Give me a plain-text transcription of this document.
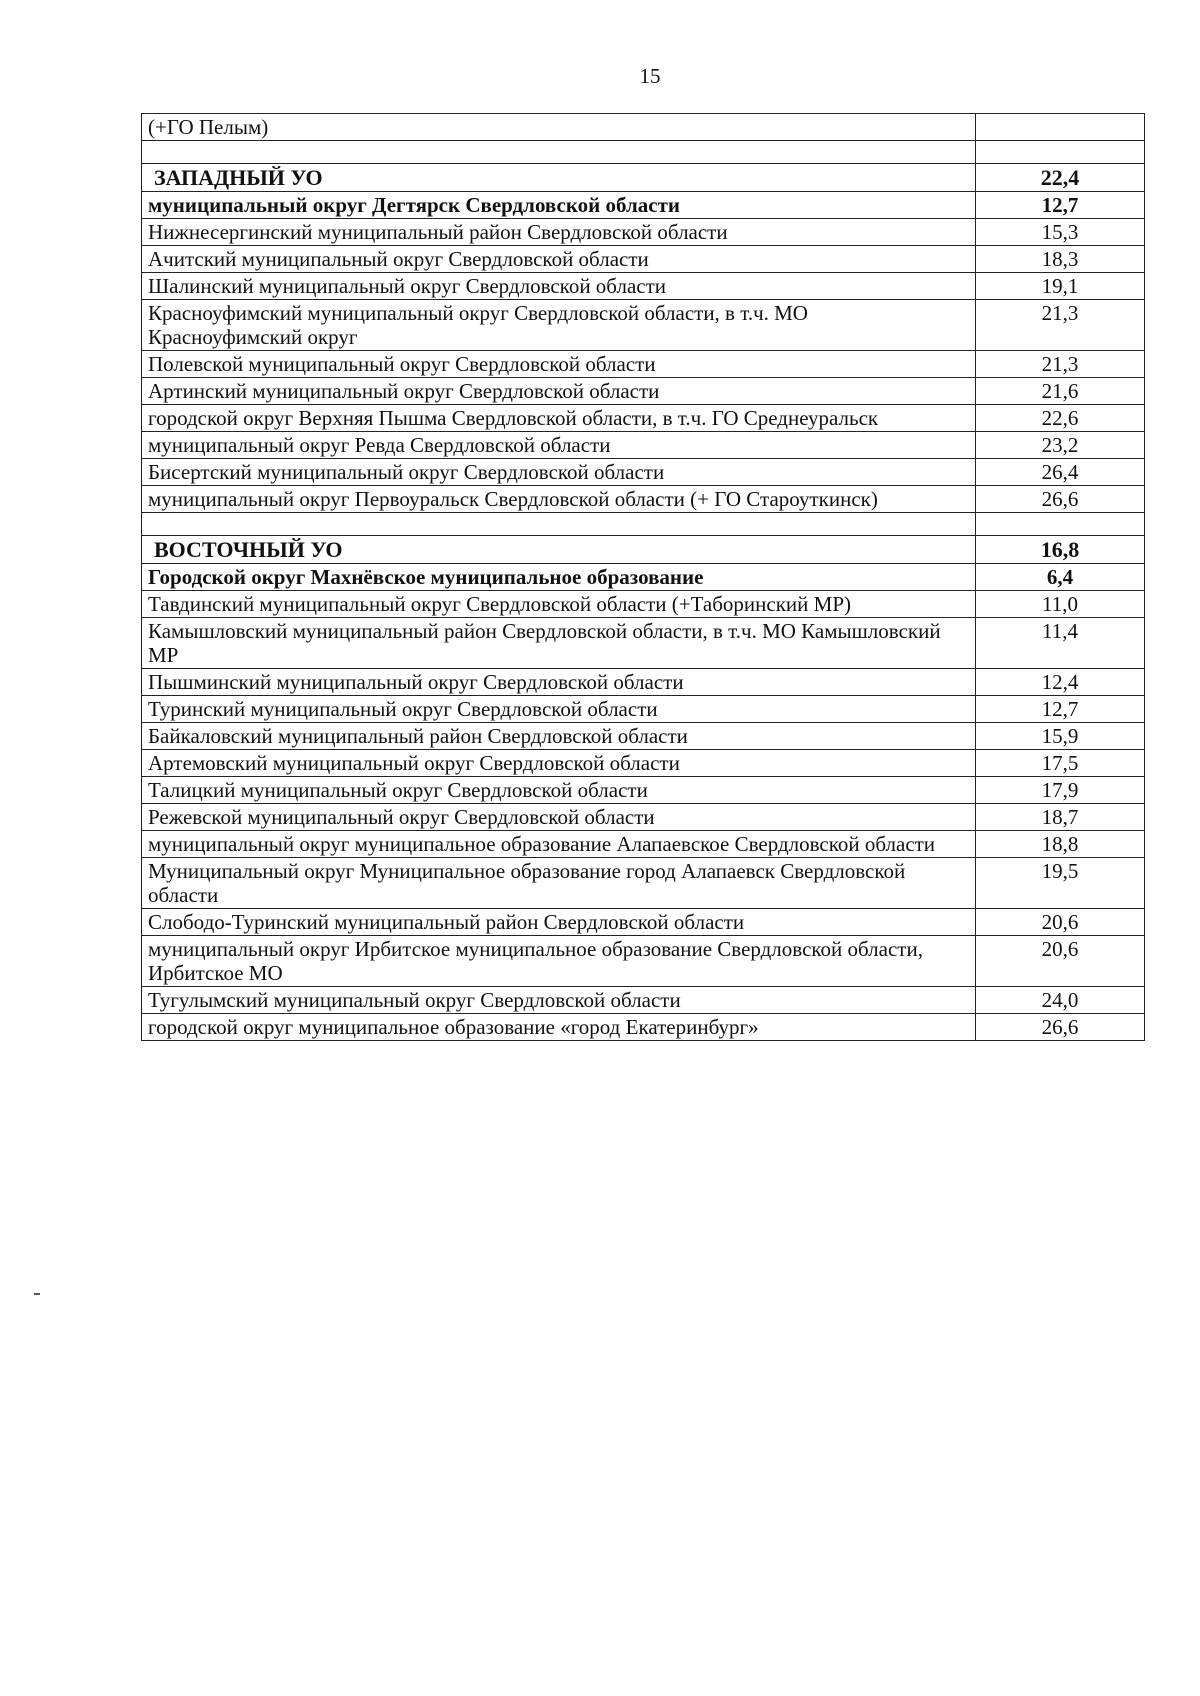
15
(+ГО Пелым)	

ЗАПАДНЫЙ УО	22,4
муниципальный округ Дегтярск Свердловской области	12,7
Нижнесергинский муниципальный район Свердловской области	15,3
Ачитский муниципальный округ Свердловской области	18,3
Шалинский муниципальный округ Свердловской области	19,1
Красноуфимский муниципальный округ Свердловской области, в т.ч. МО Красноуфимский округ	21,3
Полевской муниципальный округ Свердловской области	21,3
Артинский муниципальный округ Свердловской области	21,6
городской округ Верхняя Пышма Свердловской области, в т.ч. ГО Среднеуральск	22,6
муниципальный округ Ревда Свердловской области	23,2
Бисертский муниципальный округ Свердловской области	26,4
муниципальный округ Первоуральск Свердловской области (+ ГО Староуткинск)	26,6

ВОСТОЧНЫЙ УО	16,8
Городской округ Махнёвское муниципальное образование	6,4
Тавдинский муниципальный округ Свердловской области (+Таборинский МР)	11,0
Камышловский муниципальный район Свердловской области, в т.ч. МО Камышловский МР	11,4
Пышминский муниципальный округ Свердловской области	12,4
Туринский муниципальный округ Свердловской области	12,7
Байкаловский муниципальный район Свердловской области	15,9
Артемовский муниципальный округ Свердловской области	17,5
Талицкий муниципальный округ Свердловской области	17,9
Режевской муниципальный округ Свердловской области	18,7
муниципальный округ муниципальное образование Алапаевское Свердловской области	18,8
Муниципальный округ Муниципальное образование город Алапаевск Свердловской области	19,5
Слободо-Туринский муниципальный район Свердловской области	20,6
муниципальный округ Ирбитское муниципальное образование Свердловской области, Ирбитское МО	20,6
Тугулымский муниципальный округ Свердловской области	24,0
городской округ муниципальное образование «город Екатеринбург»	26,6
